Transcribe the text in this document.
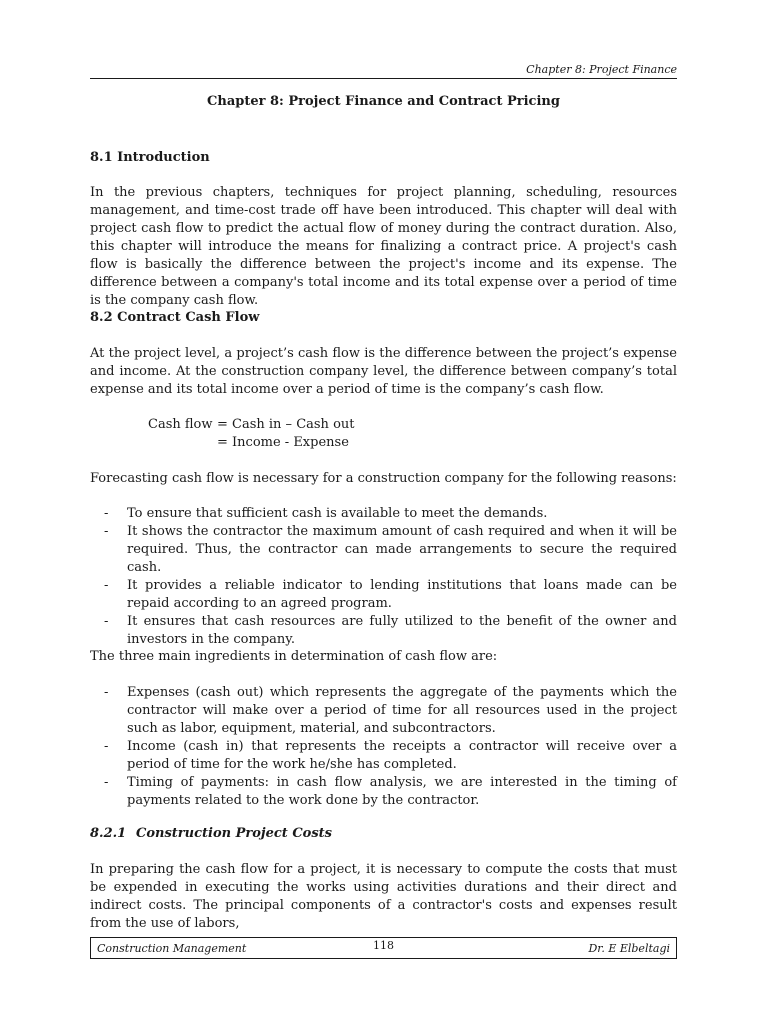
Chapter 8: Project Finance
Chapter 8: Project Finance and Contract Pricing
8.1 Introduction

In the previous chapters, techniques for project planning, scheduling, resources management, and time-cost trade off have been introduced. This chapter will deal with project cash flow to predict the actual flow of money during the contract duration. Also, this chapter will introduce the means for finalizing a contract price. A project's cash flow is basically the difference between the project's income and its expense. The difference between a company's total income and its total expense over a period of time is the company cash flow.

8.2 Contract Cash Flow

At the project level, a project’s cash flow is the difference between the project’s expense and income. At the construction company level, the difference between company’s total expense and its total income over a period of time is the company’s cash flow.

Cash flow = Cash in – Cash out
= Income - Expense

Forecasting cash flow is necessary for a construction company for the following reasons:

-	To ensure that sufficient cash is available to meet the demands.
-	It shows the contractor the maximum amount of cash required and when it will be required. Thus, the contractor can made arrangements to secure the required cash.
-	It provides a reliable indicator to lending institutions that loans made can be repaid according to an agreed program.
-	It ensures that cash resources are fully utilized to the benefit of the owner and investors in the company.

The three main ingredients in determination of cash flow are:

-	Expenses (cash out) which represents the aggregate of the payments which the contractor will make over a period of time for all resources used in the project such as labor, equipment, material, and subcontractors.
-	Income (cash in) that represents the receipts a contractor will receive over a period of time for the work he/she has completed.
-	Timing of payments: in cash flow analysis, we are interested in the timing of payments related to the work done by the contractor.
8.2.1 Construction Project Costs

In preparing the cash flow for a project, it is necessary to compute the costs that must be expended in executing the works using activities durations and their direct and indirect costs. The principal components of a contractor's costs and expenses result from the use of labors,

Construction Management	118	Dr. E Elbeltagi
